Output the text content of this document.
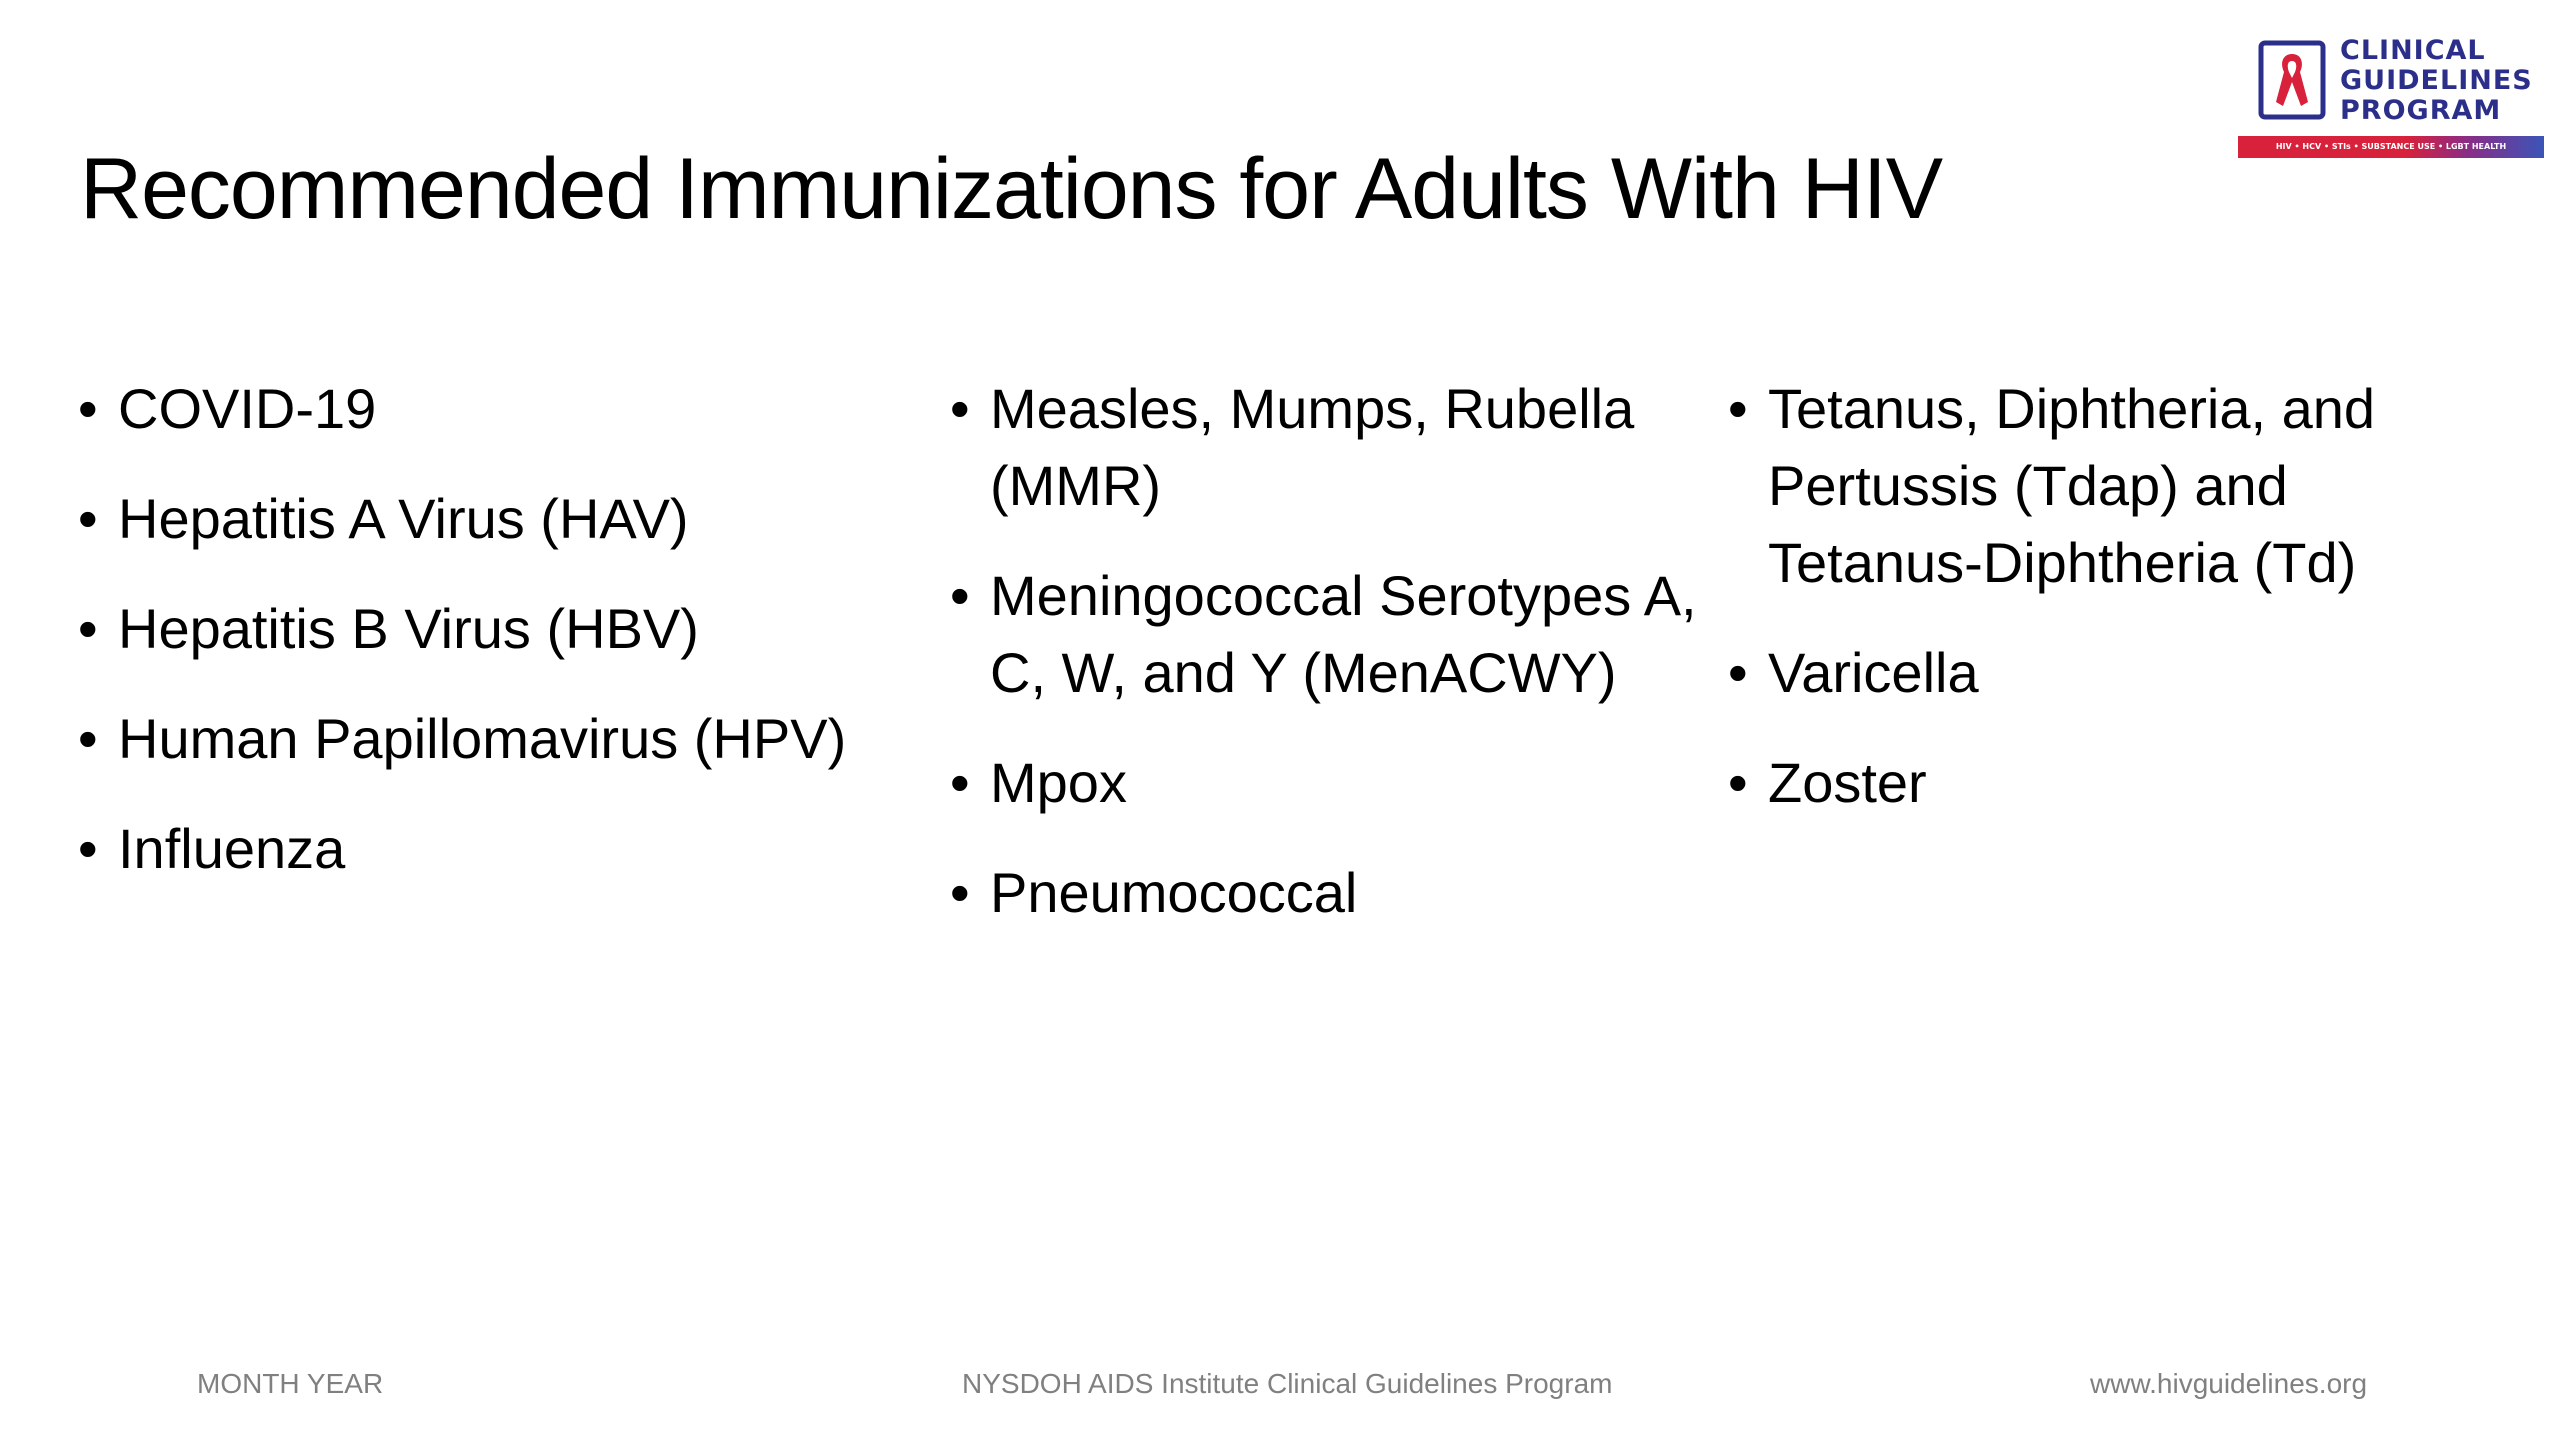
CLINICAL
GUIDELINES
PROGRAM
HIV • HCV • STIs • SUBSTANCE USE • LGBT HEALTH
Recommended Immunizations for Adults With HIV
• COVID-19
• Hepatitis A Virus (HAV)
• Hepatitis B Virus (HBV)
• Human Papillomavirus (HPV)
• Influenza
• Measles, Mumps, Rubella (MMR)
• Meningococcal Serotypes A, C, W, and Y (MenACWY)
• Mpox
• Pneumococcal
• Tetanus, Diphtheria, and Pertussis (Tdap) and Tetanus-Diphtheria (Td)
• Varicella
• Zoster
MONTH YEAR	NYSDOH AIDS Institute Clinical Guidelines Program	www.hivguidelines.org
